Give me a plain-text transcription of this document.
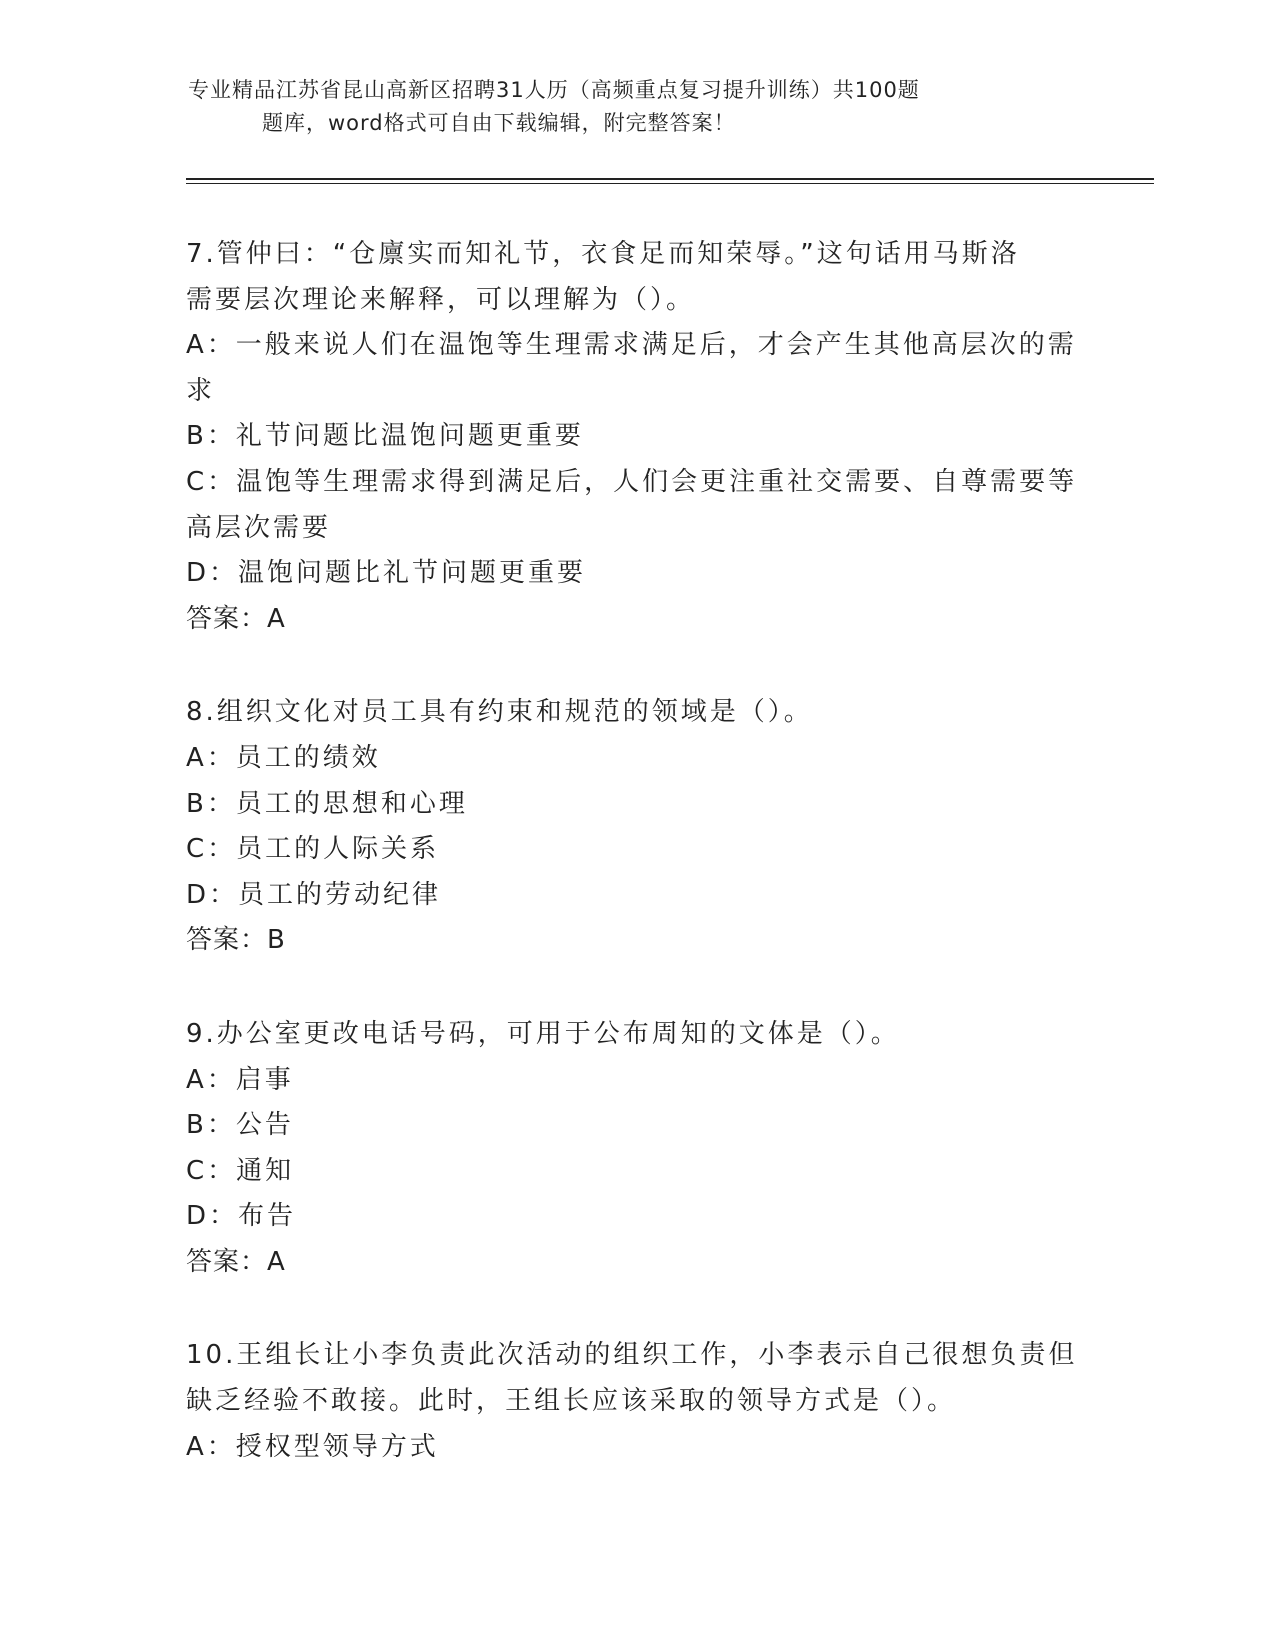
专业精品江苏省昆山高新区招聘31人历（高频重点复习提升训练）共100题
题库，word格式可自由下载编辑，附完整答案！
7.管仲曰：“仓廪实而知礼节，衣食足而知荣辱。”这句话用马斯洛
需要层次理论来解释，可以理解为（）。
A：一般来说人们在温饱等生理需求满足后，才会产生其他高层次的需
求
B：礼节问题比温饱问题更重要
C：温饱等生理需求得到满足后，人们会更注重社交需要、自尊需要等
高层次需要
D：温饱问题比礼节问题更重要
答案：A
8.组织文化对员工具有约束和规范的领域是（）。
A：员工的绩效
B：员工的思想和心理
C：员工的人际关系
D：员工的劳动纪律
答案：B
9.办公室更改电话号码，可用于公布周知的文体是（）。
A：启事
B：公告
C：通知
D：布告
答案：A
10.王组长让小李负责此次活动的组织工作，小李表示自己很想负责但
缺乏经验不敢接。此时，王组长应该采取的领导方式是（）。
A：授权型领导方式
